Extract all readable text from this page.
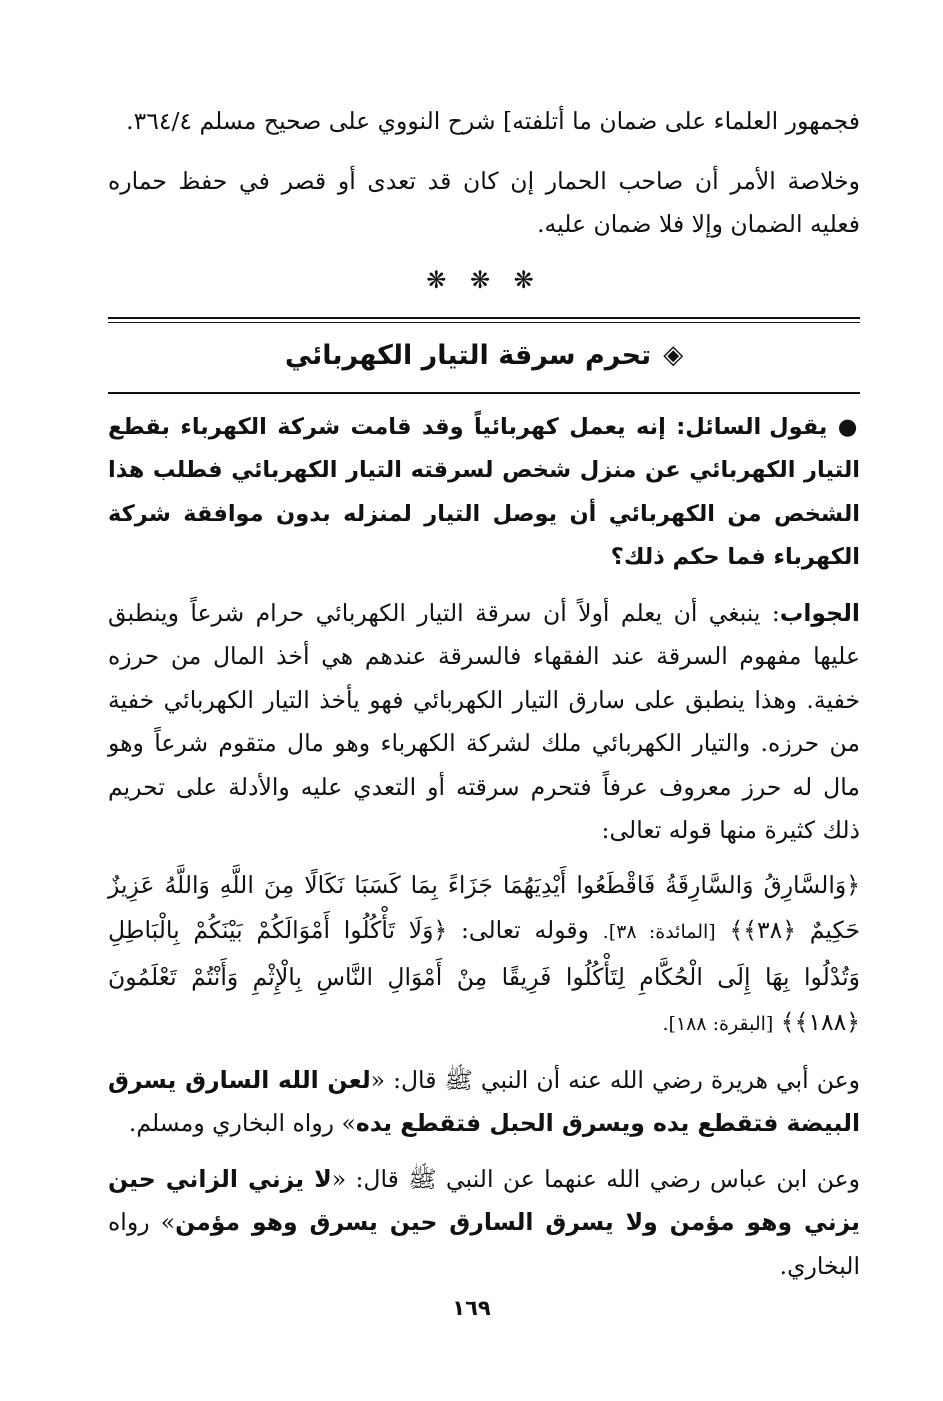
فجمهور العلماء على ضمان ما أتلفته] شرح النووي على صحيح مسلم ٣٦٤/٤.

وخلاصة الأمر أن صاحب الحمار إن كان قد تعدى أو قصر في حفظ حماره فعليه الضمان وإلا فلا ضمان عليه.

❋ ❋ ❋
◈
تحرم سرقة التيار الكهربائي

● يقول السائل: إنه يعمل كهربائياً وقد قامت شركة الكهرباء بقطع التيار الكهربائي عن منزل شخص لسرقته التيار الكهربائي فطلب هذا الشخص من الكهربائي أن يوصل التيار لمنزله بدون موافقة شركة الكهرباء فما حكم ذلك؟

الجواب: ينبغي أن يعلم أولاً أن سرقة التيار الكهربائي حرام شرعاً وينطبق عليها مفهوم السرقة عند الفقهاء فالسرقة عندهم هي أخذ المال من حرزه خفية. وهذا ينطبق على سارق التيار الكهربائي فهو يأخذ التيار الكهربائي خفية من حرزه. والتيار الكهربائي ملك لشركة الكهرباء وهو مال متقوم شرعاً وهو مال له حرز معروف عرفاً فتحرم سرقته أو التعدي عليه والأدلة على تحريم ذلك كثيرة منها قوله تعالى:

﴿وَالسَّارِقُ وَالسَّارِقَةُ فَاقْطَعُوا أَيْدِيَهُمَا جَزَاءً بِمَا كَسَبَا نَكَالًا مِنَ اللَّهِ وَاللَّهُ عَزِيزٌ حَكِيمٌ ﴿٣٨﴾﴾ [المائدة: ٣٨]. وقوله تعالى: ﴿وَلَا تَأْكُلُوا أَمْوَالَكُمْ بَيْنَكُمْ بِالْبَاطِلِ وَتُدْلُوا بِهَا إِلَى الْحُكَّامِ لِتَأْكُلُوا فَرِيقًا مِنْ أَمْوَالِ النَّاسِ بِالْإِثْمِ وَأَنْتُمْ تَعْلَمُونَ ﴿١٨٨﴾﴾ [البقرة: ١٨٨].

وعن أبي هريرة رضي الله عنه أن النبي ﷺ قال: «لعن الله السارق يسرق البيضة فتقطع يده ويسرق الحبل فتقطع يده» رواه البخاري ومسلم.

وعن ابن عباس رضي الله عنهما عن النبي ﷺ قال: «لا يزني الزاني حين يزني وهو مؤمن ولا يسرق السارق حين يسرق وهو مؤمن» رواه البخاري.

١٦٩
